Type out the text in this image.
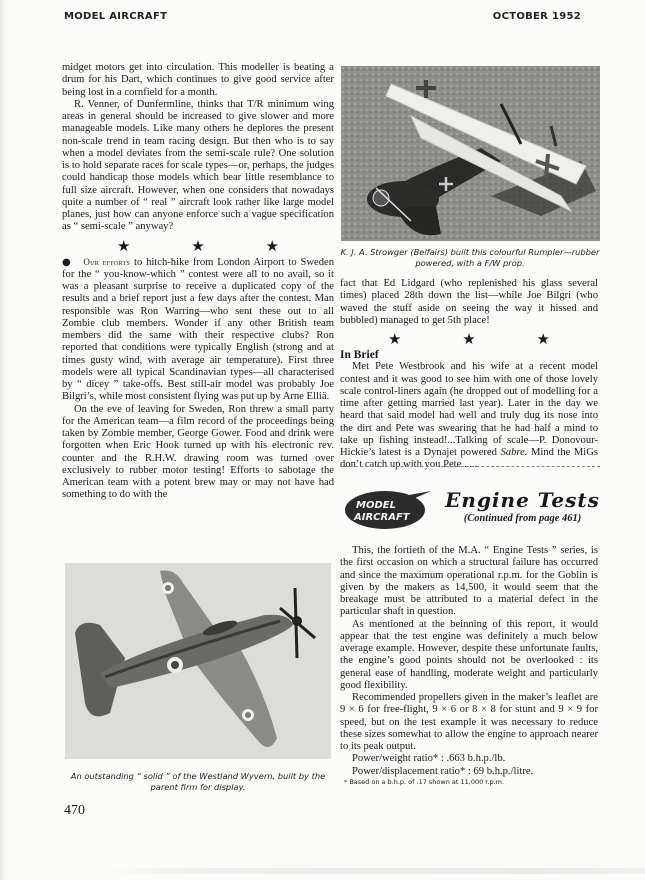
MODEL AIRCRAFT	OCTOBER 1952

midget motors get into circulation. This modeller is beating a drum for his Dart, which continues to give good service after being lost in a cornfield for a month.

R. Venner, of Dunfermline, thinks that T/R minimum wing areas in general should be increased to give slower and more manageable models. Like many others he deplores the present non-scale trend in team racing design. But then who is to say when a model deviates from the semi-scale rule? One solution is to hold separate races for scale types—or, perhaps, the judges could handicap those models which bear little resemblance to full size aircraft. However, when one considers that nowadays quite a number of “ real ” aircraft look rather like large model planes, just how can anyone enforce such a vague specification as “ semi-scale ” anyway?

★ ★ ★

● Our efforts to hitch-hike from London Airport to Sweden for the “ you-know-which ” contest were all to no avail, so it was a pleasant surprise to receive a duplicated copy of the results and a brief report just a few days after the contest. Man responsible was Ron Warring—who sent these out to all Zombie club members. Wonder if any other British team members did the same with their respective clubs? Ron reported that conditions were typically English (strong and at times gusty wind, with average air temperature). First three models were all typical Scandinavian types—all characterised by “ dicey ” take-offs. Best still-air model was probably Joe Bilgri’s, while most consistent flying was put up by Arne Elliä.

On the eve of leaving for Sweden, Ron threw a small party for the American team—a film record of the proceedings being taken by Zombie member, George Gower. Food and drink were forgotten when Eric Hook turned up with his electronic rev. counter and the R.H.W. drawing room was turned over exclusively to rubber motor testing! Efforts to sabotage the American team with a potent brew may or may not have had something to do with the

K. J. A. Strowger (Belfairs) built this colourful Rumpler—rubber powered, with a F/W prop.

fact that Ed Lidgard (who replenished his glass several times) placed 28th down the list—while Joe Bilgri (who waved the stuff aside on seeing the way it hissed and bubbled) managed to get 5th place!

★ ★ ★
In Brief

Met Pete Westbrook and his wife at a recent model contest and it was good to see him with one of those lovely scale control-liners again (he dropped out of modelling for a time after getting married last year). Later in the day we heard that said model had well and truly dug its nose into the dirt and Pete was swearing that he had half a mind to take up fishing instead!...Talking of scale—P. Donovour-Hickie’s latest is a Dynajet powered Sabre. Mind the MiGs don’t catch up with you Pete . . .

MODEL
AIRCRAFT
Engine Tests
(Continued from page 461)

This, the fortieth of the M.A. “ Engine Tests ” series, is the first occasion on which a structural failure has occurred and since the maximum operational r.p.m. for the Goblin is given by the makers as 14,500, it would seem that the breakage must be attributed to a material defect in the particular shaft in question.

As mentioned at the beinning of this report, it would appear that the test engine was definitely a much below average example. However, despite these unfortunate faults, the engine’s good points should not be overlooked : its general ease of handling, moderate weight and particularly good flexibility.

Recommended propellers given in the maker’s leaflet are 9 × 6 for free-flight, 9 × 6 or 8 × 8 for stunt and 9 × 9 for speed, but on the test example it was necessary to reduce these sizes somewhat to allow the engine to approach nearer to its peak output.

Power/weight ratio* : .663 b.h.p./lb.

Power/displacement ratio* : 69 b.h.p./litre.

* Based on a b.h.p. of .17 shown at 11,000 r.p.m.

An outstanding “ solid ” of the Westland Wyvern, built by the parent firm for display.
470
